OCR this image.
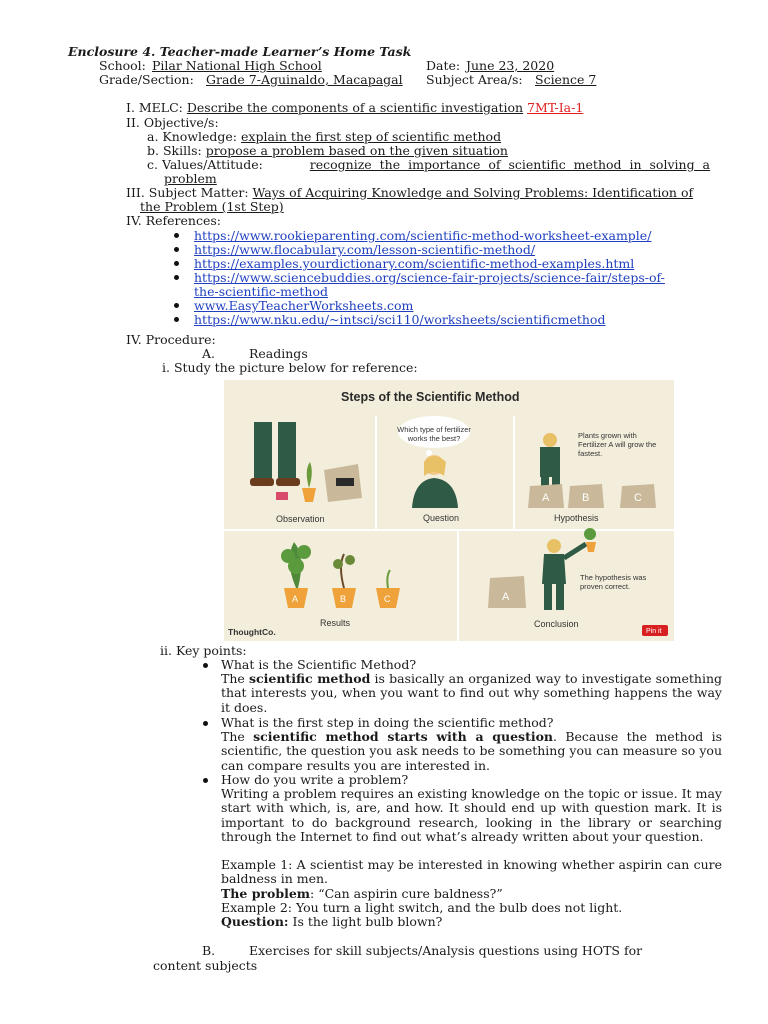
Enclosure 4. Teacher-made Learner’s Home Task
School: Pilar National High School	Date: June 23, 2020
Grade/Section: Grade 7-Aguinaldo, Macapagal Subject Area/s: Science 7
I. MELC: Describe the components of a scientific investigation 7MT-Ia-1
II. Objective/s:
a. Knowledge: explain the first step of scientific method
b. Skills: propose a problem based on the given situation
c. Values/Attitude:	recognize the importance of scientific method in solving a
problem
III. Subject Matter: Ways of Acquiring Knowledge and Solving Problems: Identification of
the Problem (1st Step)
IV. References:
https://www.rookieparenting.com/scientific-method-worksheet-example/
https://www.flocabulary.com/lesson-scientific-method/
https://examples.yourdictionary.com/scientific-method-examples.html
https://www.sciencebuddies.org/science-fair-projects/science-fair/steps-of-
the-scientific-method
www.EasyTeacherWorksheets.com
https://www.nku.edu/~intsci/sci110/worksheets/scientificmethod
IV. Procedure:
A.	Readings
i. Study the picture below for reference:
Steps of the Scientific Method
A	B	C
A	B	C	A
Pin it
Which type of fertilizer works the best?	Plants grown with Fertilizer A will grow the fastest.
The hypothesis was proven correct.
Observation	Question	Hypothesis
Results	Conclusion
ThoughtCo.
ii. Key points:
What is the Scientific Method?
The scientific method is basically an organized way to investigate something that interests you, when you want to find out why something happens the way it does.
What is the first step in doing the scientific method?
The scientific method starts with a question. Because the method is scientific, the question you ask needs to be something you can measure so you can compare results you are interested in.
How do you write a problem?
Writing a problem requires an existing knowledge on the topic or issue. It may start with which, is, are, and how. It should end up with question mark. It is important to do background research, looking in the library or searching through the Internet to find out what’s already written about your question.
Example 1: A scientist may be interested in knowing whether aspirin can cure baldness in men.
The problem: “Can aspirin cure baldness?”
Example 2: You turn a light switch, and the bulb does not light.
Question: Is the light bulb blown?
B.	Exercises for skill subjects/Analysis questions using HOTS for
content subjects
